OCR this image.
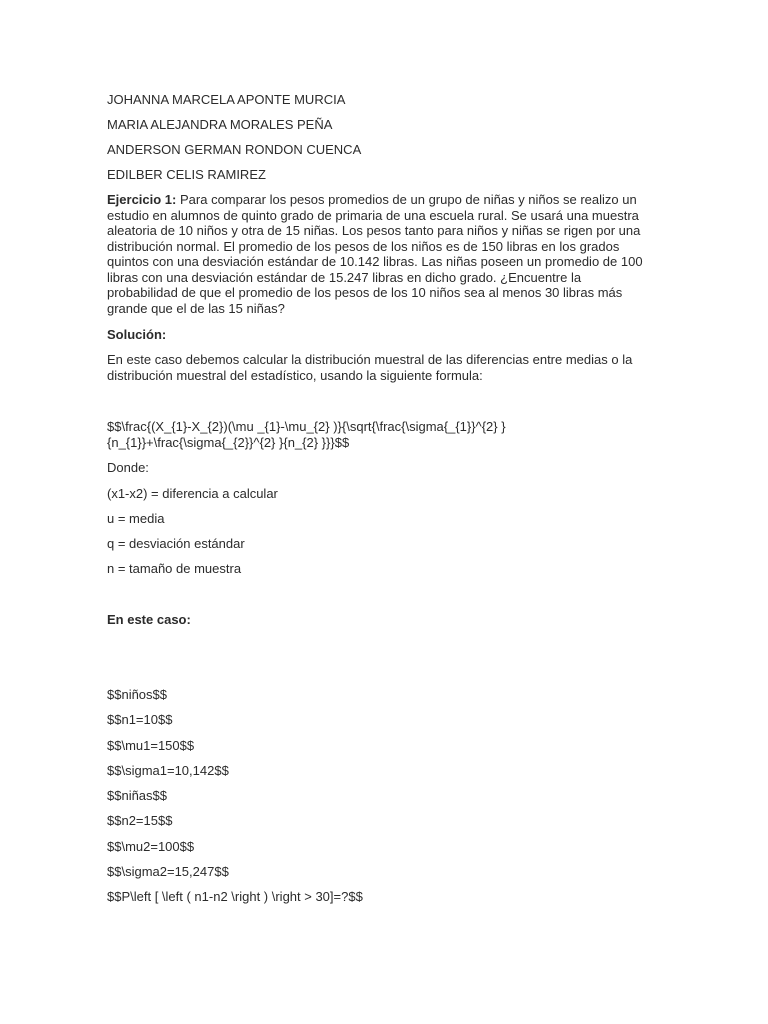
JOHANNA MARCELA APONTE MURCIA
MARIA ALEJANDRA MORALES PEÑA
ANDERSON GERMAN RONDON CUENCA
EDILBER CELIS RAMIREZ
Ejercicio 1: Para comparar los pesos promedios de un grupo de niñas y niños se realizo un estudio en alumnos de quinto grado de primaria de una escuela rural. Se usará una muestra aleatoria de 10 niños y otra de 15 niñas. Los pesos tanto para niños y niñas se rigen por una distribución normal. El promedio de los pesos de los niños es de 150 libras en los grados quintos con una desviación estándar de 10.142 libras. Las niñas poseen un promedio de 100 libras con una desviación estándar de 15.247 libras en dicho grado. ¿Encuentre la probabilidad de que el promedio de los pesos de los 10 niños sea al menos 30 libras más grande que el de las 15 niñas?
Solución:
En este caso debemos calcular la distribución muestral de las diferencias entre medias o la distribución muestral del estadístico, usando la siguiente formula:
$$\frac{(X_{1}-X_{2})(\mu _{1}-\mu_{2} )}{\sqrt{\frac{\sigma{_{1}}^{2} }{n_{1}}+\frac{\sigma{_{2}}^{2} }{n_{2} }}}$$
Donde:
(x1-x2) = diferencia a calcular
u = media
q = desviación estándar
n = tamaño de muestra
En este caso:
$$niños$$
$$n1=10$$
$$\mu1=150$$
$$\sigma1=10,142$$
$$niñas$$
$$n2=15$$
$$\mu2=100$$
$$\sigma2=15,247$$
$$P\left [ \left ( n1-n2 \right ) \right > 30]=?$$
